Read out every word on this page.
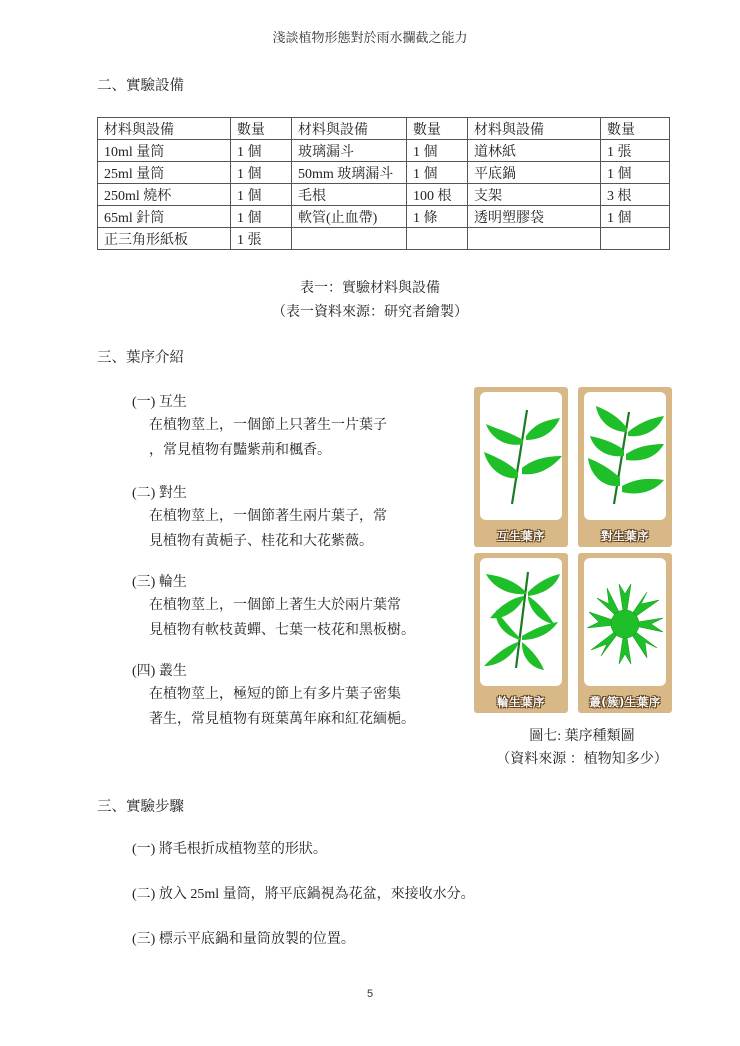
淺談植物形態對於雨水攔截之能力
二、實驗設備
材料與設備	數量	材料與設備	數量	材料與設備	數量
10ml 量筒	1 個	玻璃漏斗	1 個	道林紙	1 張
25ml 量筒	1 個	50mm 玻璃漏斗	1 個	平底鍋	1 個
250ml 燒杯	1 個	毛根	100 根	支架	3 根
65ml 針筒	1 個	軟管(止血帶)	1 條	透明塑膠袋	1 個
正三角形紙板	1 張				
表一：實驗材料與設備
（表一資料來源：研究者繪製）
三、葉序介紹
(一) 互生
在植物莖上，一個節上只著生一片葉子
，常見植物有豔紫荊和楓香。
(二) 對生
在植物莖上，一個節著生兩片葉子，常
見植物有黃梔子、桂花和大花紫薇。
(三) 輪生
在植物莖上，一個節上著生大於兩片葉常
見植物有軟枝黃蟬、七葉一枝花和黑板樹。
(四) 叢生
在植物莖上，極短的節上有多片葉子密集
著生，常見植物有斑葉萬年麻和紅花緬梔。
互生葉序	對生葉序
輪生葉序	叢(簇)生葉序
圖七: 葉序種類圖
（資料來源 ：植物知多少）
三、實驗步驟
(一) 將毛根折成植物莖的形狀。
(二) 放入 25ml 量筒，將平底鍋視為花盆，來接收水分。
(三) 標示平底鍋和量筒放製的位置。
5
